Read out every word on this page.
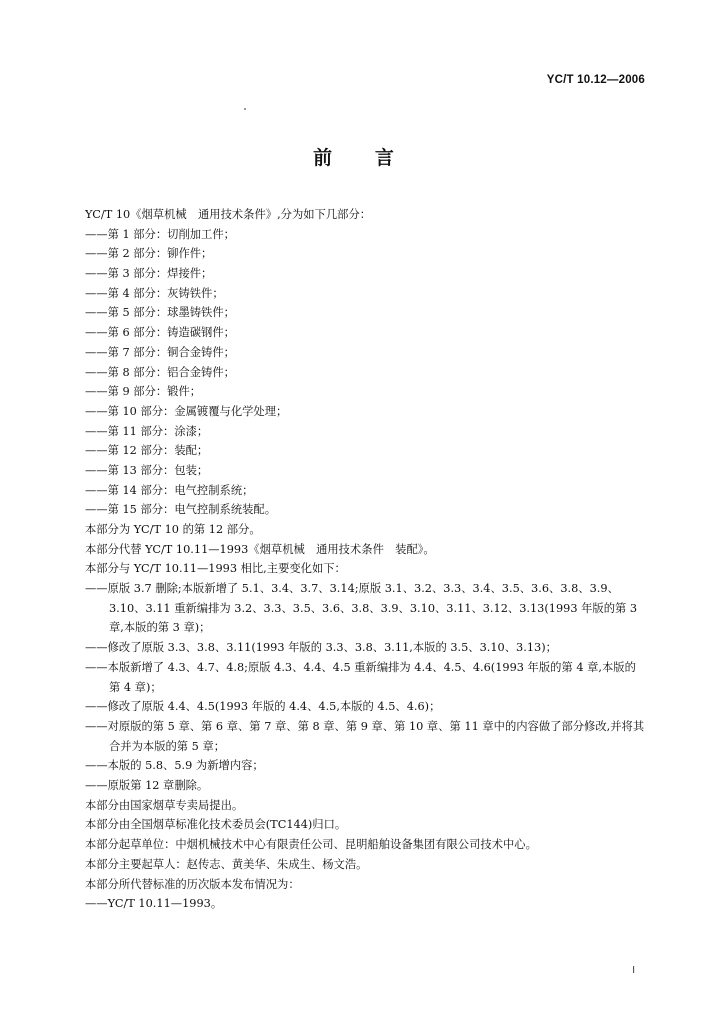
YC/T 10.12—2006
前 言
YC/T 10《烟草机械　通用技术条件》,分为如下几部分：
——第 1 部分：切削加工件；
——第 2 部分：铆作件；
——第 3 部分：焊接件；
——第 4 部分：灰铸铁件；
——第 5 部分：球墨铸铁件；
——第 6 部分：铸造碳钢件；
——第 7 部分：铜合金铸件；
——第 8 部分：铝合金铸件；
——第 9 部分：锻件；
——第 10 部分：金属镀覆与化学处理；
——第 11 部分：涂漆；
——第 12 部分：装配；
——第 13 部分：包装；
——第 14 部分：电气控制系统；
——第 15 部分：电气控制系统装配。
本部分为 YC/T 10 的第 12 部分。
本部分代替 YC/T 10.11—1993《烟草机械　通用技术条件　装配》。
本部分与 YC/T 10.11—1993 相比,主要变化如下：
——原版 3.7 删除;本版新增了 5.1、3.4、3.7、3.14;原版 3.1、3.2、3.3、3.4、3.5、3.6、3.8、3.9、3.10、3.11 重新编排为 3.2、3.3、3.5、3.6、3.8、3.9、3.10、3.11、3.12、3.13(1993 年版的第 3 章,本版的第 3 章)；
——修改了原版 3.3、3.8、3.11(1993 年版的 3.3、3.8、3.11,本版的 3.5、3.10、3.13)；
——本版新增了 4.3、4.7、4.8;原版 4.3、4.4、4.5 重新编排为 4.4、4.5、4.6(1993 年版的第 4 章,本版的第 4 章)；
——修改了原版 4.4、4.5(1993 年版的 4.4、4.5,本版的 4.5、4.6)；
——对原版的第 5 章、第 6 章、第 7 章、第 8 章、第 9 章、第 10 章、第 11 章中的内容做了部分修改,并将其合并为本版的第 5 章；
——本版的 5.8、5.9 为新增内容；
——原版第 12 章删除。
本部分由国家烟草专卖局提出。
本部分由全国烟草标准化技术委员会(TC144)归口。
本部分起草单位：中烟机械技术中心有限责任公司、昆明船舶设备集团有限公司技术中心。
本部分主要起草人：赵传志、黄美华、朱成生、杨文浩。
本部分所代替标准的历次版本发布情况为：
——YC/T 10.11—1993。
I
